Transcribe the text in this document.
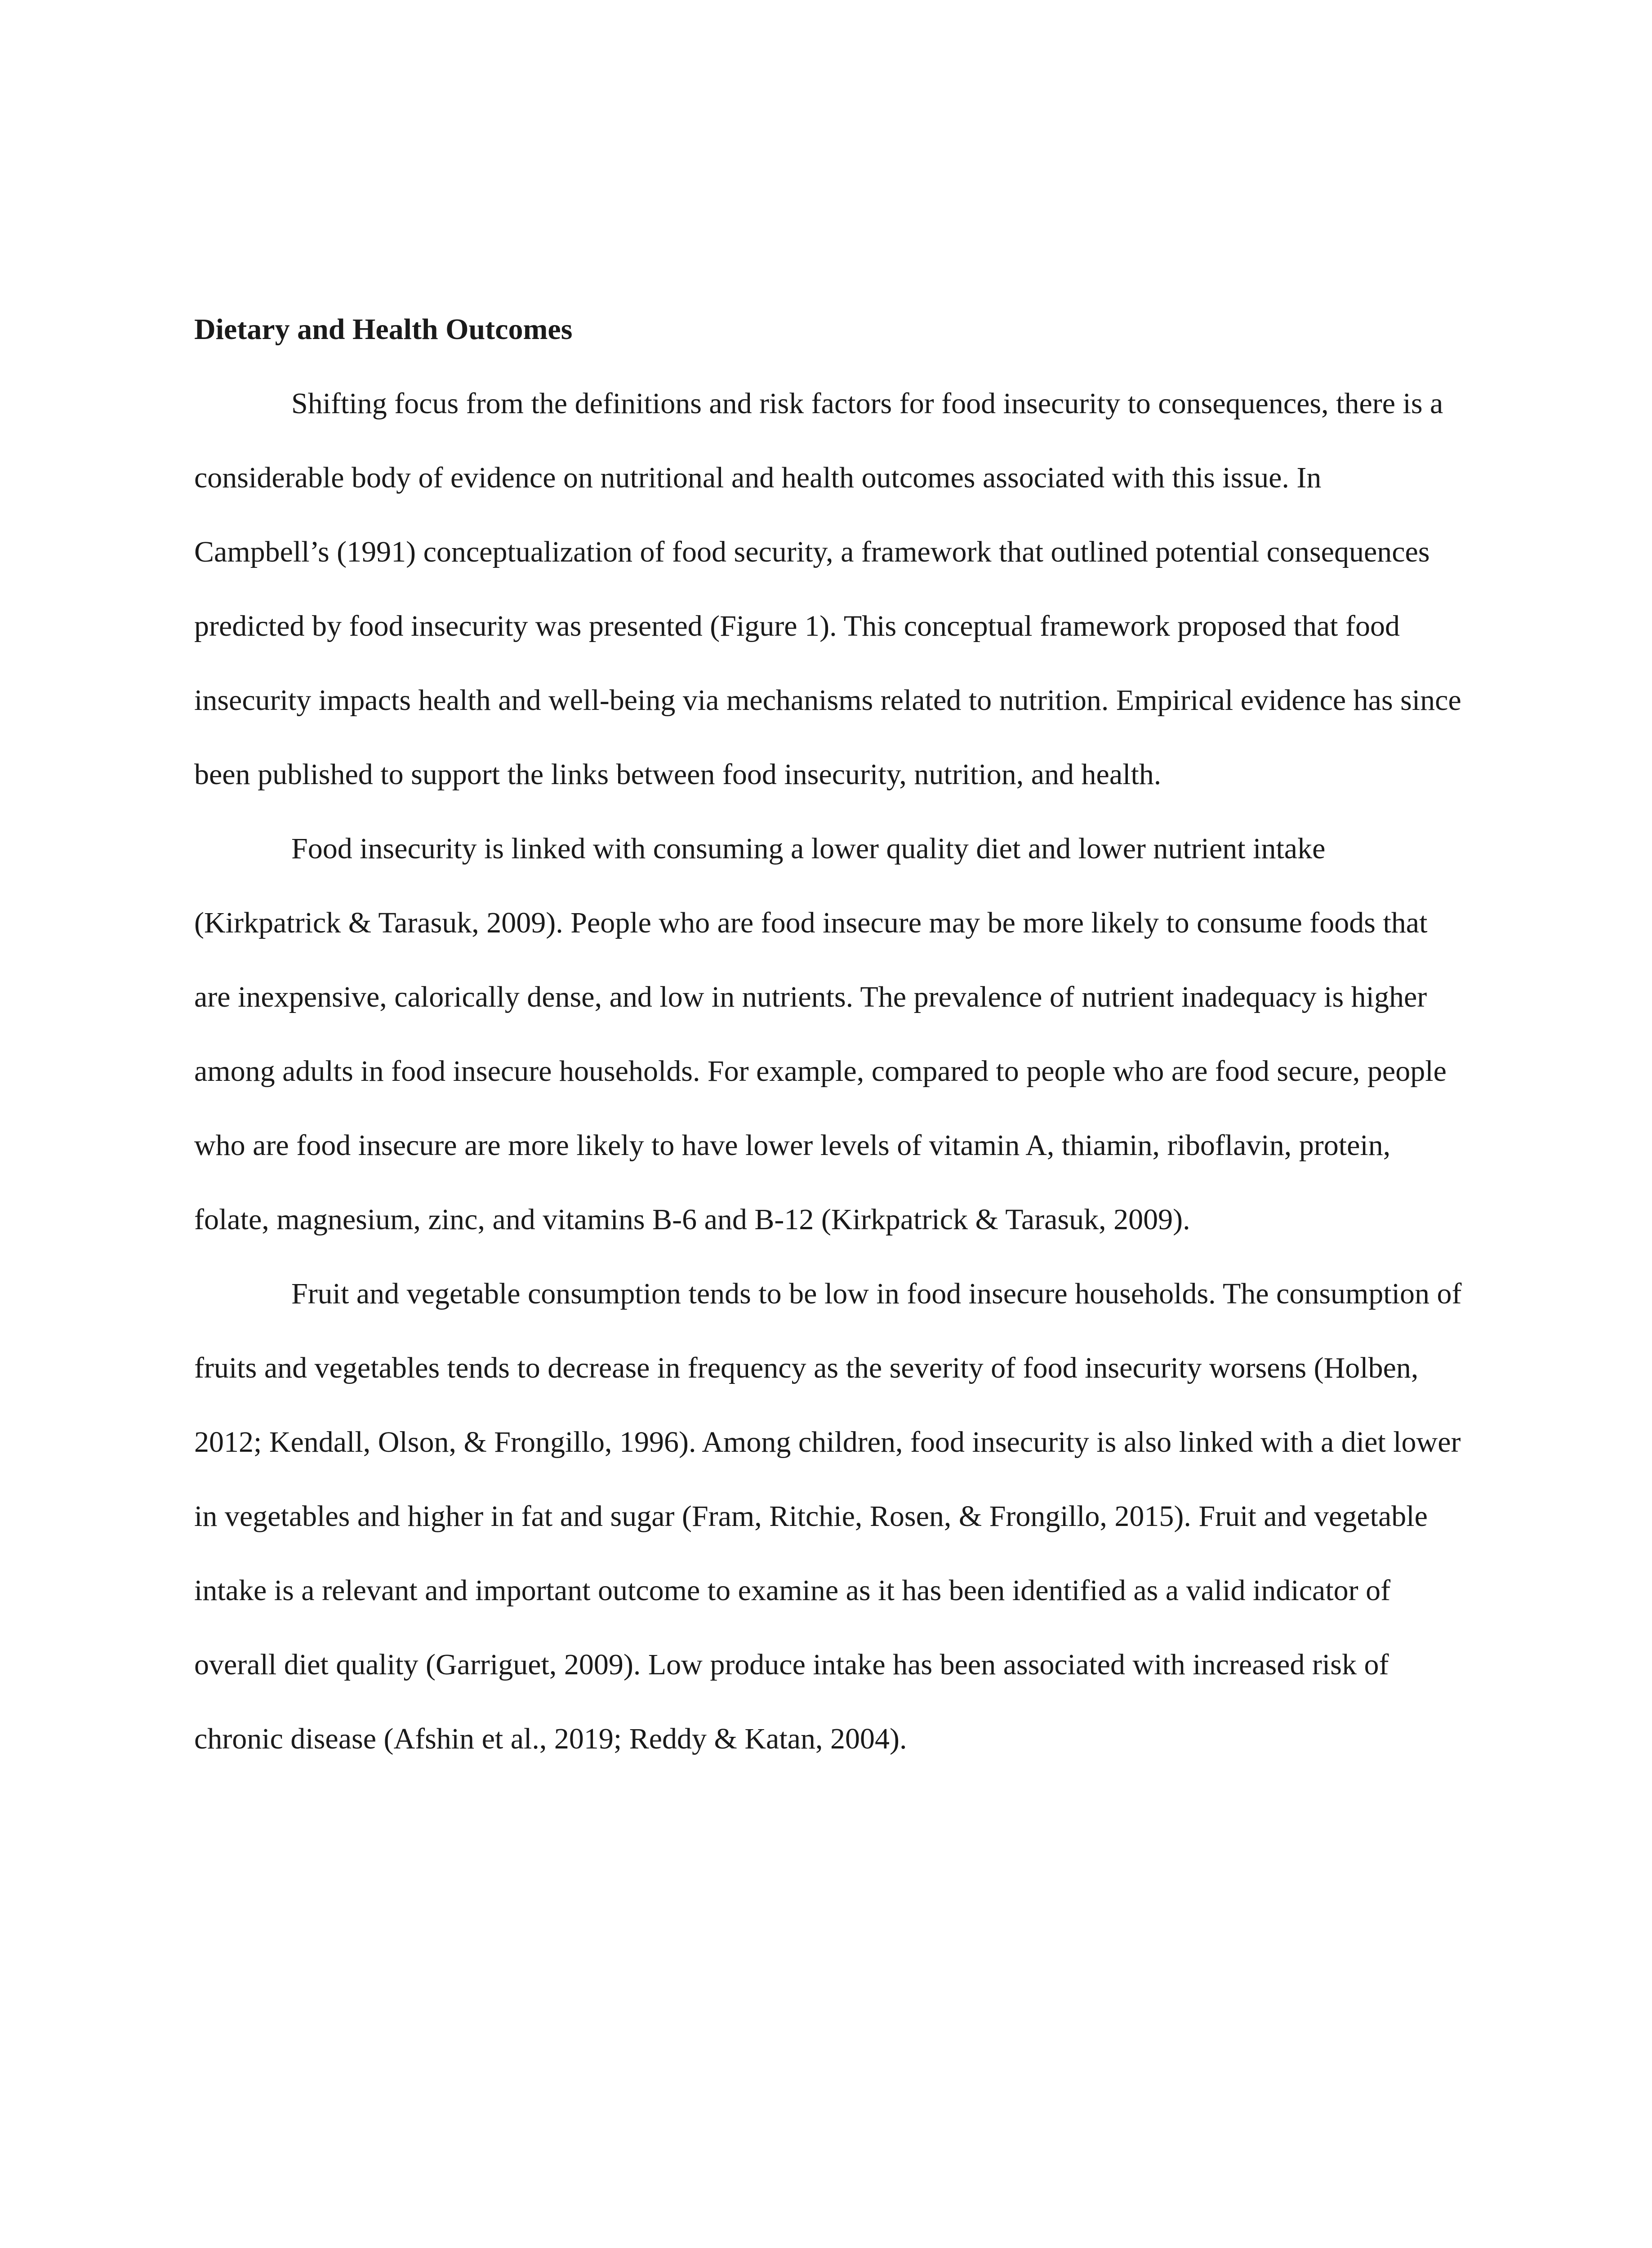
Dietary and Health Outcomes

Shifting focus from the definitions and risk factors for food insecurity to consequences, there is a considerable body of evidence on nutritional and health outcomes associated with this issue. In Campbell’s (1991) conceptualization of food security, a framework that outlined potential consequences predicted by food insecurity was presented (Figure 1). This conceptual framework proposed that food insecurity impacts health and well-being via mechanisms related to nutrition. Empirical evidence has since been published to support the links between food insecurity, nutrition, and health.

Food insecurity is linked with consuming a lower quality diet and lower nutrient intake (Kirkpatrick & Tarasuk, 2009). People who are food insecure may be more likely to consume foods that are inexpensive, calorically dense, and low in nutrients. The prevalence of nutrient inadequacy is higher among adults in food insecure households. For example, compared to people who are food secure, people who are food insecure are more likely to have lower levels of vitamin A, thiamin, riboflavin, protein, folate, magnesium, zinc, and vitamins B-6 and B-12 (Kirkpatrick & Tarasuk, 2009).

Fruit and vegetable consumption tends to be low in food insecure households. The consumption of fruits and vegetables tends to decrease in frequency as the severity of food insecurity worsens (Holben, 2012; Kendall, Olson, & Frongillo, 1996). Among children, food insecurity is also linked with a diet lower in vegetables and higher in fat and sugar (Fram, Ritchie, Rosen, & Frongillo, 2015). Fruit and vegetable intake is a relevant and important outcome to examine as it has been identified as a valid indicator of overall diet quality (Garriguet, 2009). Low produce intake has been associated with increased risk of chronic disease (Afshin et al., 2019; Reddy & Katan, 2004).
